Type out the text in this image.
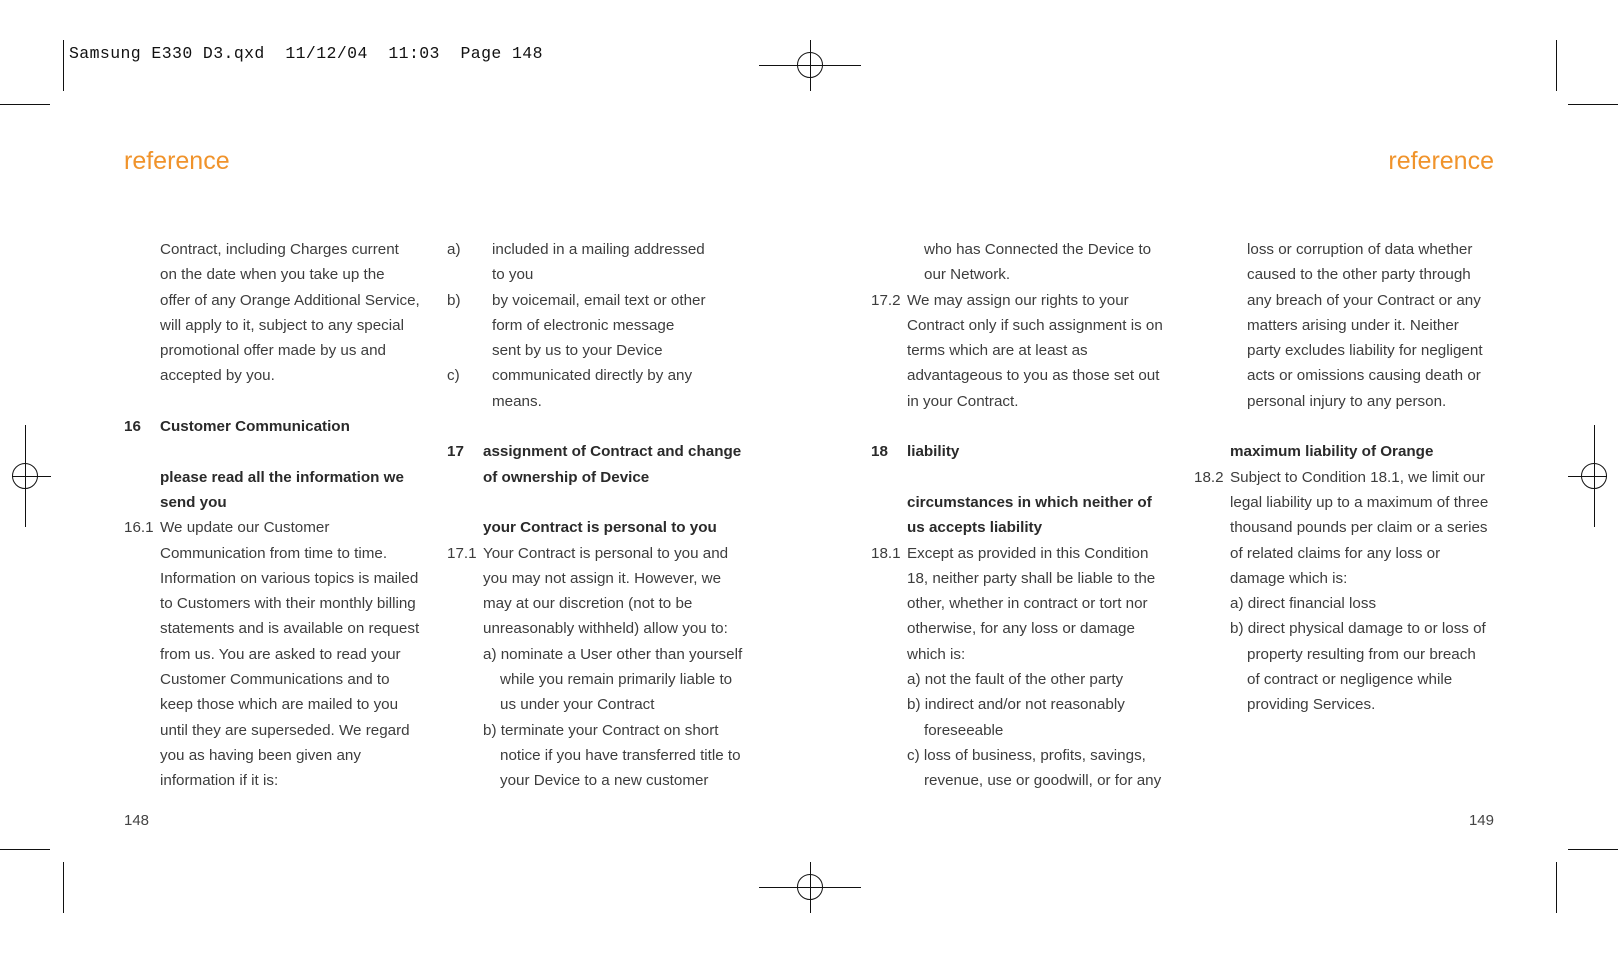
Samsung E330 D3.qxd  11/12/04  11:03  Page 148
reference	reference

Contract, including Charges current

on the date when you take up the

offer of any Orange Additional Service,

will apply to it, subject to any special

promotional offer made by us and

accepted by you.

16	Customer Communication

please read all the information we

send you

16.1 We update our Customer

Communication from time to time.

Information on various topics is mailed

to Customers with their monthly billing

statements and is available on request

from us. You are asked to read your

Customer Communications and to

keep those which are mailed to you

until they are superseded. We regard

you as having been given any

information if it is:

a)	included in a mailing addressed

to you

b)	by voicemail, email text or other

form of electronic message

sent by us to your Device

c)	communicated directly by any

means.

17	assignment of Contract and change

of ownership of Device

your Contract is personal to you

17.1 Your Contract is personal to you and

you may not assign it. However, we

may at our discretion (not to be

unreasonably withheld) allow you to:

a) nominate a User other than yourself

while you remain primarily liable to

us under your Contract

b) terminate your Contract on short

notice if you have transferred title to

your Device to a new customer

who has Connected the Device to

our Network.

17.2 We may assign our rights to your

Contract only if such assignment is on

terms which are at least as

advantageous to you as those set out

in your Contract.

18	liability

circumstances in which neither of

us accepts liability

18.1 Except as provided in this Condition

18, neither party shall be liable to the

other, whether in contract or tort nor

otherwise, for any loss or damage

which is:

a) not the fault of the other party

b) indirect and/or not reasonably

foreseeable

c) loss of business, profits, savings,

revenue, use or goodwill, or for any

loss or corruption of data whether

caused to the other party through

any breach of your Contract or any

matters arising under it. Neither

party excludes liability for negligent

acts or omissions causing death or

personal injury to any person.

maximum liability of Orange

18.2 Subject to Condition 18.1, we limit our

legal liability up to a maximum of three

thousand pounds per claim or a series

of related claims for any loss or

damage which is:

a) direct financial loss

b) direct physical damage to or loss of

property resulting from our breach

of contract or negligence while

providing Services.

148	149
